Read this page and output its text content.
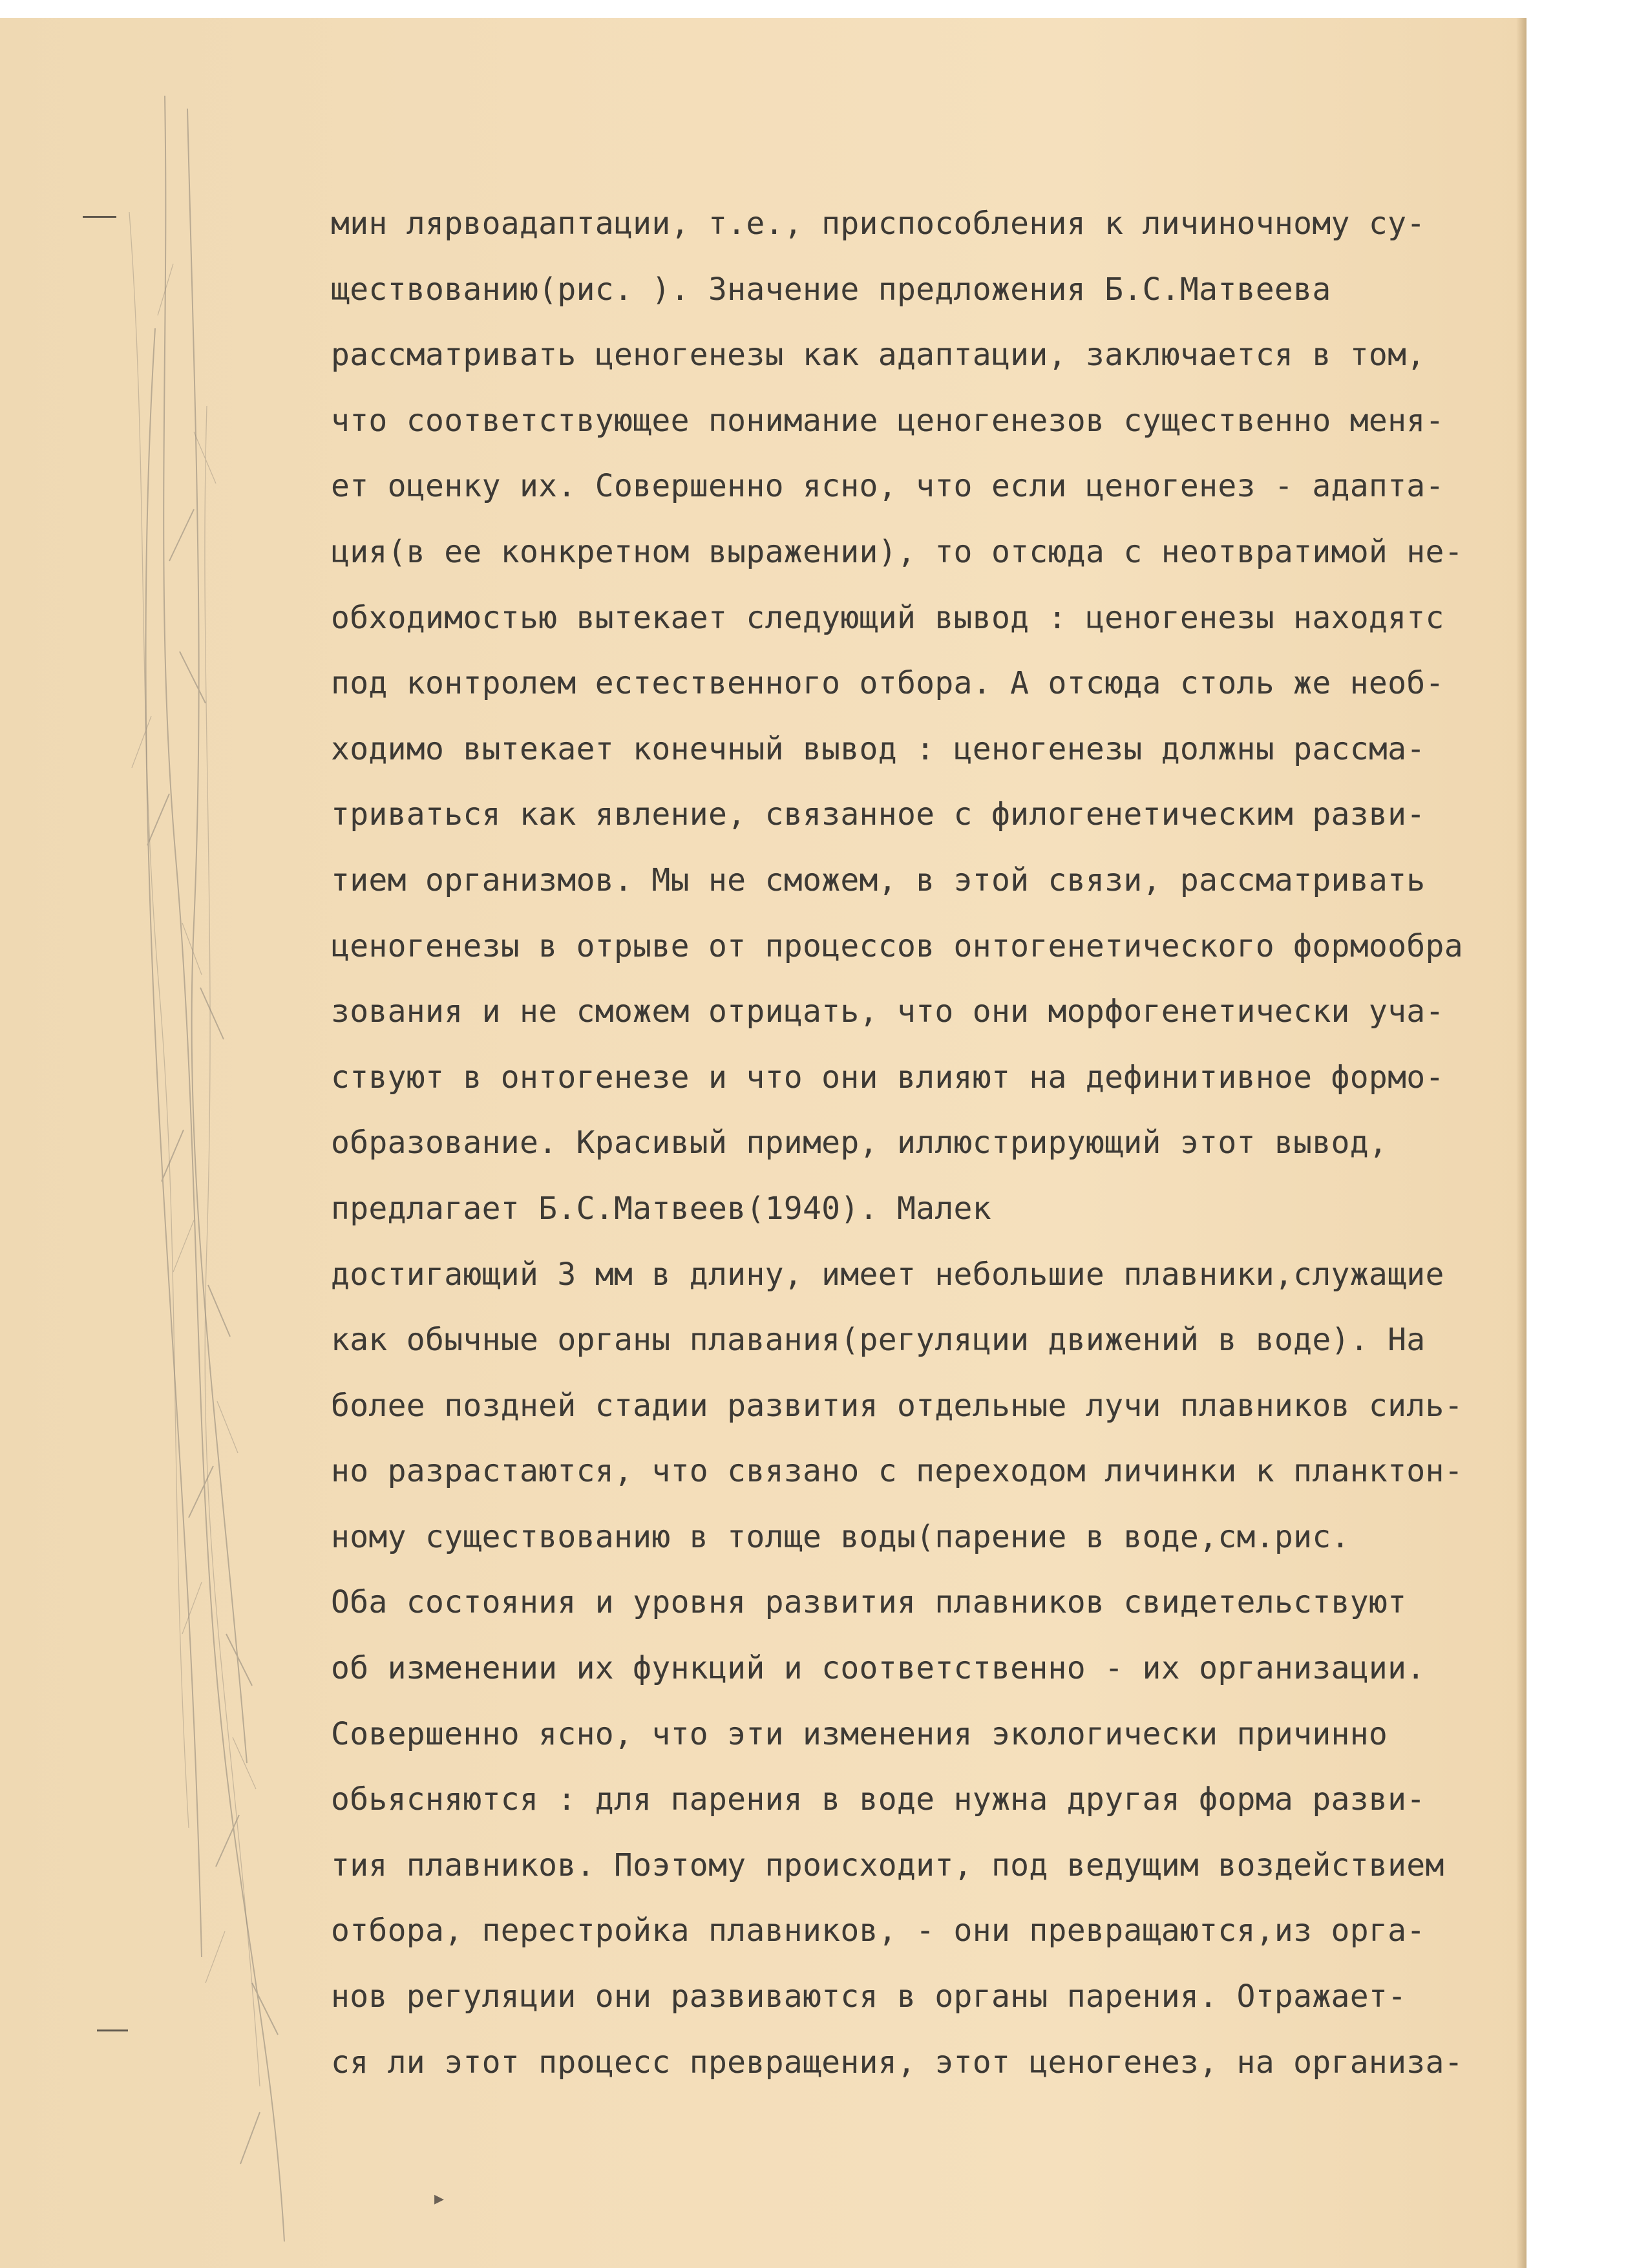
мин лярвоадаптации, т.е., приспособления к личиночному су-
ществованию(рис. ). Значение предложения Б.С.Матвеева
рассматривать ценогенезы как адаптации, заключается в том,
что соответствующее понимание ценогенезов существенно меня-
ет оценку их. Совершенно ясно, что если ценогенез - адапта-
ция(в ее конкретном выражении), то отсюда с неотвратимой не-
обходимостью вытекает следующий вывод : ценогенезы находятс
под контролем естественного отбора. А отсюда столь же необ-
ходимо вытекает конечный вывод : ценогенезы должны рассма-
триваться как явление, связанное с филогенетическим разви-
тием организмов. Мы не сможем, в этой связи, рассматривать
ценогенезы в отрыве от процессов онтогенетического формообра
зования и не сможем отрицать, что они морфогенетически уча-
ствуют в онтогенезе и что они влияют на дефинитивное формо-
образование. Красивый пример, иллюстрирующий этот вывод,
предлагает Б.С.Матвеев(1940). Малек
достигающий 3 мм в длину, имеет небольшие плавники,служащие
как обычные органы плавания(регуляции движений в воде). На
более поздней стадии развития отдельные лучи плавников силь-
но разрастаются, что связано с переходом личинки к планктон-
ному существованию в толще воды(парение в воде,см.рис.
Оба состояния и уровня развития плавников свидетельствуют
об изменении их функций и соответственно - их организации.
Совершенно ясно, что эти изменения экологически причинно
обьясняются : для парения в воде нужна другая форма разви-
тия плавников. Поэтому происходит, под ведущим воздействием
отбора, перестройка плавников, - они превращаются,из орга-
нов регуляции они развиваются в органы парения. Отражает-
ся ли этот процесс превращения, этот ценогенез, на организа-
▸
